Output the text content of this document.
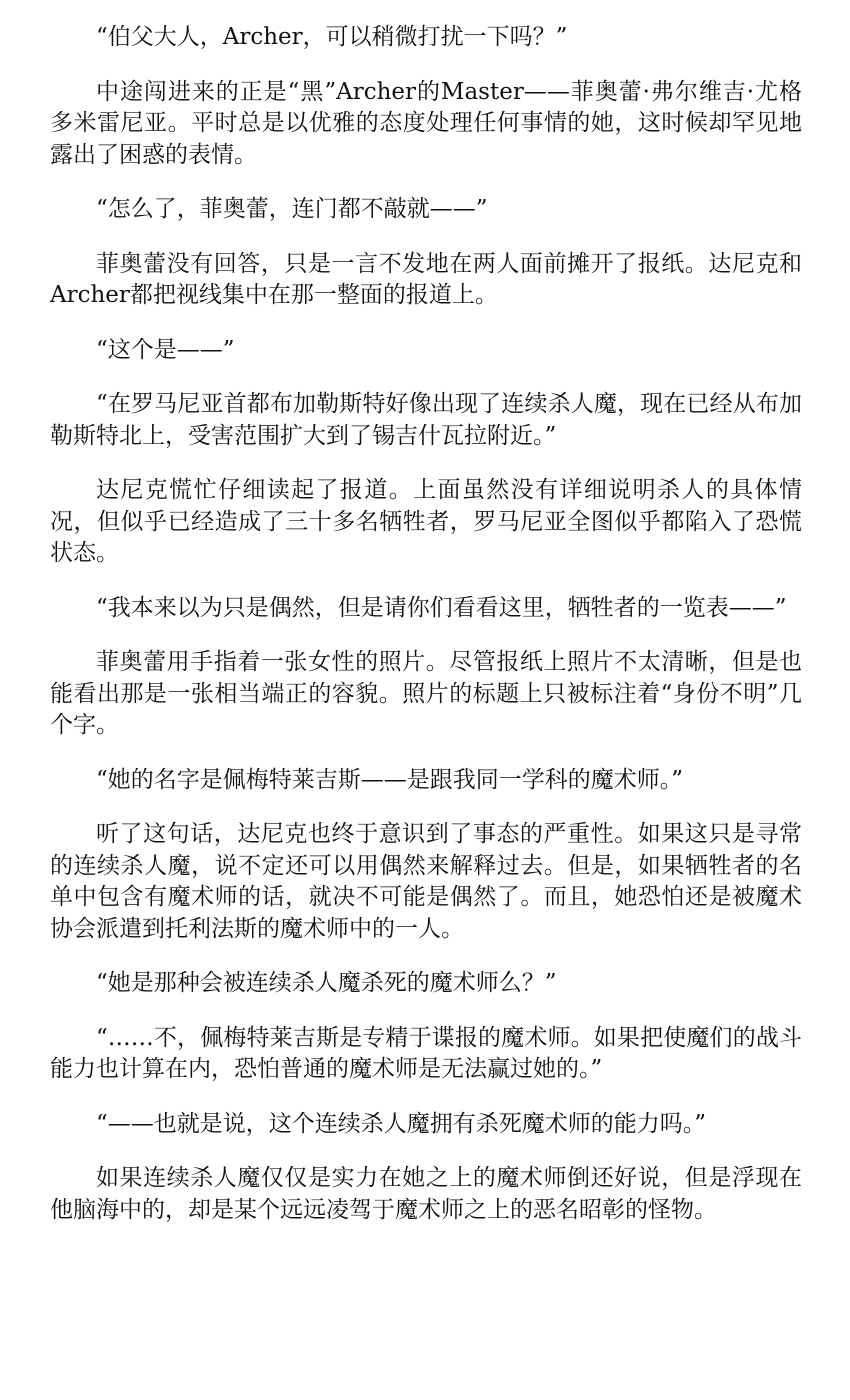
“伯父大人，Archer，可以稍微打扰一下吗？”

中途闯进来的正是“黑”Archer的Master——菲奥蕾·弗尔维吉·尤格多米雷尼亚。平时总是以优雅的态度处理任何事情的她，这时候却罕见地露出了困惑的表情。

“怎么了，菲奥蕾，连门都不敲就——”

菲奥蕾没有回答，只是一言不发地在两人面前摊开了报纸。达尼克和Archer都把视线集中在那一整面的报道上。

“这个是——”

“在罗马尼亚首都布加勒斯特好像出现了连续杀人魔，现在已经从布加勒斯特北上，受害范围扩大到了锡吉什瓦拉附近。”

达尼克慌忙仔细读起了报道。上面虽然没有详细说明杀人的具体情况，但似乎已经造成了三十多名牺牲者，罗马尼亚全图似乎都陷入了恐慌状态。

“我本来以为只是偶然，但是请你们看看这里，牺牲者的一览表——”

菲奥蕾用手指着一张女性的照片。尽管报纸上照片不太清晰，但是也能看出那是一张相当端正的容貌。照片的标题上只被标注着“身份不明”几个字。

“她的名字是佩梅特莱吉斯——是跟我同一学科的魔术师。”

听了这句话，达尼克也终于意识到了事态的严重性。如果这只是寻常的连续杀人魔，说不定还可以用偶然来解释过去。但是，如果牺牲者的名单中包含有魔术师的话，就决不可能是偶然了。而且，她恐怕还是被魔术协会派遣到托利法斯的魔术师中的一人。

“她是那种会被连续杀人魔杀死的魔术师么？”

“……不，佩梅特莱吉斯是专精于谍报的魔术师。如果把使魔们的战斗能力也计算在内，恐怕普通的魔术师是无法赢过她的。”

“——也就是说，这个连续杀人魔拥有杀死魔术师的能力吗。”

如果连续杀人魔仅仅是实力在她之上的魔术师倒还好说，但是浮现在他脑海中的，却是某个远远凌驾于魔术师之上的恶名昭彰的怪物。
